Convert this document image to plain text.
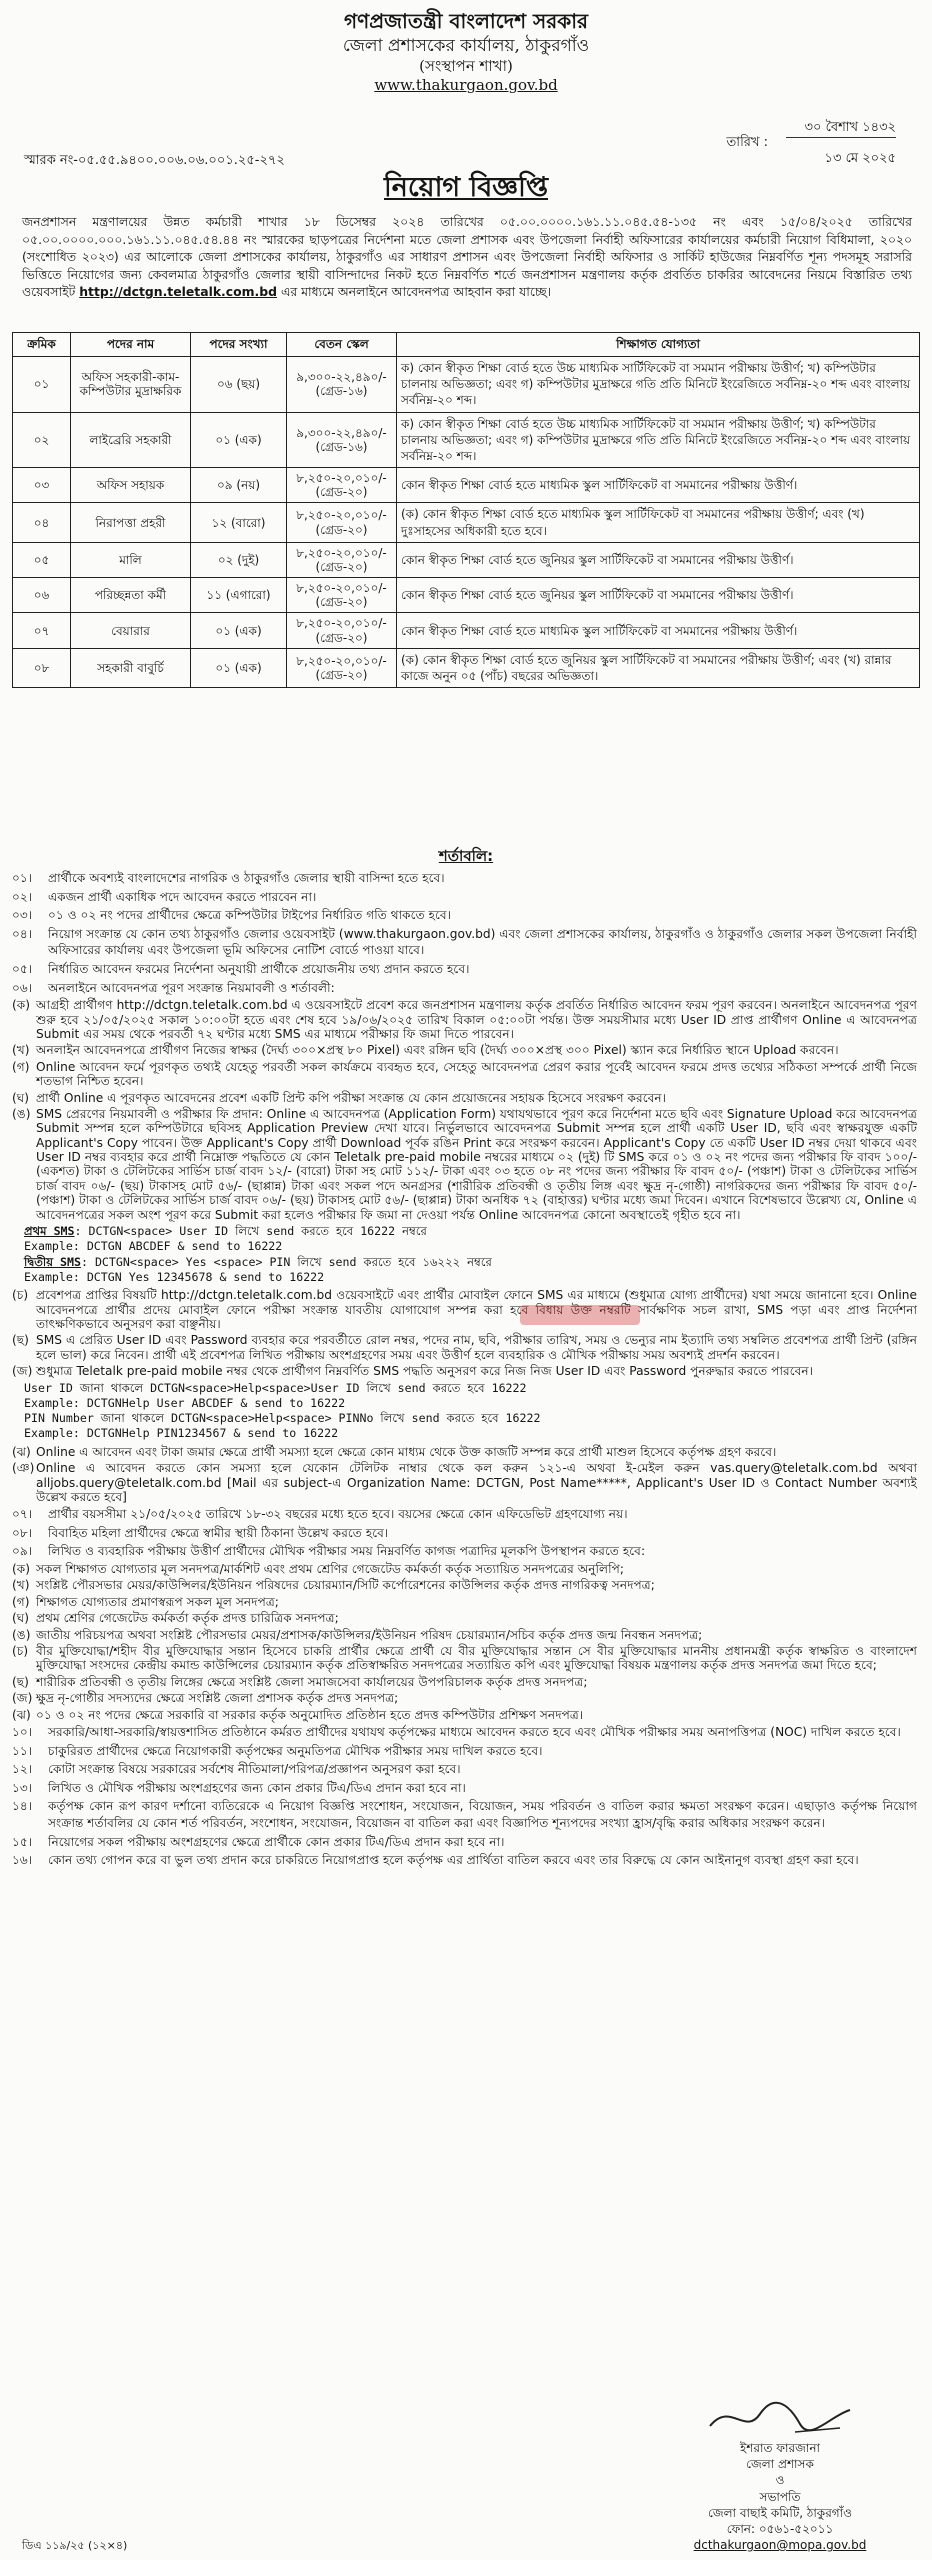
গণপ্রজাতন্ত্রী বাংলাদেশ সরকার
জেলা প্রশাসকের কার্যালয়, ঠাকুরগাঁও
(সংস্থাপন শাখা)
www.thakurgaon.gov.bd
৩০ বৈশাখ ১৪৩২
তারিখ :
১৩ মে ২০২৫
স্মারক নং-০৫.৫৫.৯৪০০.০০৬.০৬.০০১.২৫-২৭২
নিয়োগ বিজ্ঞপ্তি
জনপ্রশাসন মন্ত্রণালয়ের উন্নত কর্মচারী শাখার ১৮ ডিসেম্বর ২০২৪ তারিখের ০৫.০০.০০০০.১৬১.১১.০৪৫.৫৪-১৩৫ নং এবং ১৫/০৪/২০২৫ তারিখের ০৫.০০.০০০০.০০০.১৬১.১১.০৪৫.৫৪.৪৪ নং স্মারকের ছাড়পত্রের নির্দেশনা মতে জেলা প্রশাসক এবং উপজেলা নির্বাহী অফিসারের কার্যালয়ের কর্মচারী নিয়োগ বিধিমালা, ২০২০ (সংশোধিত ২০২৩) এর আলোকে জেলা প্রশাসকের কার্যালয়, ঠাকুরগাঁও এর সাধারণ প্রশাসন এবং উপজেলা নির্বাহী অফিসার ও সার্কিট হাউজের নিম্নবর্ণিত শূন্য পদসমূহ সরাসরি ভিত্তিতে নিয়োগের জন্য কেবলমাত্র ঠাকুরগাঁও জেলার স্থায়ী বাসিন্দাদের নিকট হতে নিম্নবর্ণিত শর্তে জনপ্রশাসন মন্ত্রণালয় কর্তৃক প্রবর্তিত চাকরির আবেদনের নিয়মে বিস্তারিত তথ্য ওয়েবসাইট http://dctgn.teletalk.com.bd এর মাধ্যমে অনলাইনে আবেদনপত্র আহবান করা যাচ্ছে।
ক্রমিক	পদের নাম	পদের সংখ্যা	বেতন স্কেল	শিক্ষাগত যোগ্যতা
০১	অফিস সহকারী-কাম-কম্পিউটার মুদ্রাক্ষরিক	০৬ (ছয়)	৯,৩০০-২২,৪৯০/- (গ্রেড-১৬)	ক) কোন স্বীকৃত শিক্ষা বোর্ড হতে উচ্চ মাধ্যমিক সার্টিফিকেট বা সমমান পরীক্ষায় উত্তীর্ণ; খ) কম্পিউটার চালনায় অভিজ্ঞতা; এবং গ) কম্পিউটার মুদ্রাক্ষরে গতি প্রতি মিনিটে ইংরেজিতে সর্বনিম্ন-২০ শব্দ এবং বাংলায় সর্বনিম্ন-২০ শব্দ।
০২	লাইব্রেরি সহকারী	০১ (এক)	৯,৩০০-২২,৪৯০/- (গ্রেড-১৬)	ক) কোন স্বীকৃত শিক্ষা বোর্ড হতে উচ্চ মাধ্যমিক সার্টিফিকেট বা সমমান পরীক্ষায় উত্তীর্ণ; খ) কম্পিউটার চালনায় অভিজ্ঞতা; এবং গ) কম্পিউটার মুদ্রাক্ষরে গতি প্রতি মিনিটে ইংরেজিতে সর্বনিম্ন-২০ শব্দ এবং বাংলায় সর্বনিম্ন-২০ শব্দ।
০৩	অফিস সহায়ক	০৯ (নয়)	৮,২৫০-২০,০১০/- (গ্রেড-২০)	কোন স্বীকৃত শিক্ষা বোর্ড হতে মাধ্যমিক স্কুল সার্টিফিকেট বা সমমানের পরীক্ষায় উত্তীর্ণ।
০৪	নিরাপত্তা প্রহরী	১২ (বারো)	৮,২৫০-২০,০১০/- (গ্রেড-২০)	(ক) কোন স্বীকৃত শিক্ষা বোর্ড হতে মাধ্যমিক স্কুল সার্টিফিকেট বা সমমানের পরীক্ষায় উত্তীর্ণ; এবং (খ) দুঃসাহসের অধিকারী হতে হবে।
০৫	মালি	০২ (দুই)	৮,২৫০-২০,০১০/- (গ্রেড-২০)	কোন স্বীকৃত শিক্ষা বোর্ড হতে জুনিয়র স্কুল সার্টিফিকেট বা সমমানের পরীক্ষায় উত্তীর্ণ।
০৬	পরিচ্ছন্নতা কর্মী	১১ (এগারো)	৮,২৫০-২০,০১০/- (গ্রেড-২০)	কোন স্বীকৃত শিক্ষা বোর্ড হতে জুনিয়র স্কুল সার্টিফিকেট বা সমমানের পরীক্ষায় উত্তীর্ণ।
০৭	বেয়ারার	০১ (এক)	৮,২৫০-২০,০১০/- (গ্রেড-২০)	কোন স্বীকৃত শিক্ষা বোর্ড হতে মাধ্যমিক স্কুল সার্টিফিকেট বা সমমানের পরীক্ষায় উত্তীর্ণ।
০৮	সহকারী বাবুর্চি	০১ (এক)	৮,২৫০-২০,০১০/- (গ্রেড-২০)	(ক) কোন স্বীকৃত শিক্ষা বোর্ড হতে জুনিয়র স্কুল সার্টিফিকেট বা সমমানের পরীক্ষায় উত্তীর্ণ; এবং (খ) রান্নার কাজে অনুন ০৫ (পাঁচ) বছরের অভিজ্ঞতা।
শর্তাবলি:
০১।	প্রার্থীকে অবশ্যই বাংলাদেশের নাগরিক ও ঠাকুরগাঁও জেলার স্থায়ী বাসিন্দা হতে হবে।
০২।	একজন প্রার্থী একাধিক পদে আবেদন করতে পারবেন না।
০৩।	০১ ও ০২ নং পদের প্রার্থীদের ক্ষেত্রে কম্পিউটার টাইপের নির্ধারিত গতি থাকতে হবে।
০৪।	নিয়োগ সংক্রান্ত যে কোন তথ্য ঠাকুরগাঁও জেলার ওয়েবসাইট (www.thakurgaon.gov.bd) এবং জেলা প্রশাসকের কার্যালয়, ঠাকুরগাঁও ও ঠাকুরগাঁও জেলার সকল উপজেলা নির্বাহী অফিসারের কার্যালয় এবং উপজেলা ভূমি অফিসের নোটিশ বোর্ডে পাওয়া যাবে।
০৫।	নির্ধারিত আবেদন ফরমের নির্দেশনা অনুযায়ী প্রার্থীকে প্রয়োজনীয় তথ্য প্রদান করতে হবে।
০৬।	অনলাইনে আবেদনপত্র পূরণ সংক্রান্ত নিয়মাবলী ও শর্তাবলী:
(ক) আগ্রহী প্রার্থীগণ http://dctgn.teletalk.com.bd এ ওয়েবসাইটে প্রবেশ করে জনপ্রশাসন মন্ত্রণালয় কর্তৃক প্রবর্তিত নির্ধারিত আবেদন ফরম পূরণ করবেন। অনলাইনে আবেদনপত্র পূরণ শুরু হবে ২১/০৫/২০২৫ সকাল ১০:০০টা হতে এবং শেষ হবে ১৯/০৬/২০২৫ তারিখ বিকাল ০৫:০০টা পর্যন্ত। উক্ত সময়সীমার মধ্যে User ID প্রাপ্ত প্রার্থীগণ Online এ আবেদনপত্র Submit এর সময় থেকে পরবর্তী ৭২ ঘণ্টার মধ্যে SMS এর মাধ্যমে পরীক্ষার ফি জমা দিতে পারবেন।
(খ) অনলাইন আবেদনপত্রে প্রার্থীগণ নিজের স্বাক্ষর (দৈর্ঘ্য ৩০০×প্রস্থ ৮০ Pixel) এবং রঙ্গিন ছবি (দৈর্ঘ্য ৩০০×প্রস্থ ৩০০ Pixel) স্ক্যান করে নির্ধারিত স্থানে Upload করবেন।
(গ) Online আবেদন ফর্মে পূরণকৃত তথ্যই যেহেতু পরবর্তী সকল কার্যক্রমে ব্যবহৃত হবে, সেহেতু আবেদনপত্র প্রেরণ করার পূর্বেই আবেদন ফরমে প্রদত্ত তথ্যের সঠিকতা সম্পর্কে প্রার্থী নিজে শতভাগ নিশ্চিত হবেন।
(ঘ) প্রার্থী Online এ পূরণকৃত আবেদনের প্রবেশ একটি প্রিন্ট কপি পরীক্ষা সংক্রান্ত যে কোন প্রয়োজনের সহায়ক হিসেবে সংরক্ষণ করবেন।
(ঙ) SMS প্রেরণের নিয়মাবলী ও পরীক্ষার ফি প্রদান: Online এ আবেদনপত্র (Application Form) যথাযথভাবে পূরণ করে নির্দেশনা মতে ছবি এবং Signature Upload করে আবেদনপত্র Submit সম্পন্ন হলে কম্পিউটারে ছবিসহ Application Preview দেখা যাবে। নির্ভুলভাবে আবেদনপত্র Submit সম্পন্ন হলে প্রার্থী একটি User ID, ছবি এবং স্বাক্ষরযুক্ত একটি Applicant's Copy পাবেন। উক্ত Applicant's Copy প্রার্থী Download পূর্বক রঙিন Print করে সংরক্ষণ করবেন। Applicant's Copy তে একটি User ID নম্বর দেয়া থাকবে এবং User ID নম্বর ব্যবহার করে প্রার্থী নিম্নোক্ত পদ্ধতিতে যে কোন Teletalk pre-paid mobile নম্বরের মাধ্যমে ০২ (দুই) টি SMS করে ০১ ও ০২ নং পদের জন্য পরীক্ষার ফি বাবদ ১০০/- (একশত) টাকা ও টেলিটকের সার্ভিস চার্জ বাবদ ১২/- (বারো) টাকা সহ মোট ১১২/- টাকা এবং ০৩ হতে ০৮ নং পদের জন্য পরীক্ষার ফি বাবদ ৫০/- (পঞ্চাশ) টাকা ও টেলিটকের সার্ভিস চার্জ বাবদ ০৬/- (ছয়) টাকাসহ মোট ৫৬/- (ছাপ্পান্ন) টাকা এবং সকল পদে অনগ্রসর (শারীরিক প্রতিবন্ধী ও তৃতীয় লিঙ্গ এবং ক্ষুদ্র নৃ-গোষ্ঠী) নাগরিকদের জন্য পরীক্ষার ফি বাবদ ৫০/- (পঞ্চাশ) টাকা ও টেলিটকের সার্ভিস চার্জ বাবদ ০৬/- (ছয়) টাকাসহ মোট ৫৬/- (ছাপ্পান্ন) টাকা অনধিক ৭২ (বাহাত্তর) ঘণ্টার মধ্যে জমা দিবেন। এখানে বিশেষভাবে উল্লেখ্য যে, Online এ আবেদনপত্রের সকল অংশ পূরণ করে Submit করা হলেও পরীক্ষার ফি জমা না দেওয়া পর্যন্ত Online আবেদনপত্র কোনো অবস্থাতেই গৃহীত হবে না।
প্রথম SMS: DCTGN<space> User ID লিখে send করতে হবে 16222 নম্বরে
Example: DCTGN ABCDEF & send to 16222
দ্বিতীয় SMS: DCTGN<space> Yes <space> PIN লিখে send করতে হবে ১৬২২২ নম্বরে
Example: DCTGN Yes 12345678 & send to 16222
(চ) প্রবেশপত্র প্রাপ্তির বিষয়টি http://dctgn.teletalk.com.bd ওয়েবসাইটে এবং প্রার্থীর মোবাইল ফোনে SMS এর মাধ্যমে (শুধুমাত্র যোগ্য প্রার্থীদের) যথা সময়ে জানানো হবে। Online আবেদনপত্রে প্রার্থীর প্রদেয় মোবাইল ফোনে পরীক্ষা সংক্রান্ত যাবতীয় যোগাযোগ সম্পন্ন করা হবে বিধায় উক্ত নম্বরটি সার্বক্ষণিক সচল রাখা, SMS পড়া এবং প্রাপ্ত নির্দেশনা তাৎক্ষণিকভাবে অনুসরণ করা বাঞ্ছনীয়।
(ছ) SMS এ প্রেরিত User ID এবং Password ব্যবহার করে পরবর্তীতে রোল নম্বর, পদের নাম, ছবি, পরীক্ষার তারিখ, সময় ও ভেন্যুর নাম ইত্যাদি তথ্য সম্বলিত প্রবেশপত্র প্রার্থী প্রিন্ট (রঙ্গিন হলে ভাল) করে নিবেন। প্রার্থী এই প্রবেশপত্র লিখিত পরীক্ষায় অংশগ্রহণের সময় এবং উত্তীর্ণ হলে ব্যবহারিক ও মৌখিক পরীক্ষায় সময় অবশ্যই প্রদর্শন করবেন।
(জ) শুধুমাত্র Teletalk pre-paid mobile নম্বর থেকে প্রার্থীগণ নিম্নবর্ণিত SMS পদ্ধতি অনুসরণ করে নিজ নিজ User ID এবং Password পুনরুদ্ধার করতে পারবেন।
User ID জানা থাকলে DCTGN<space>Help<space>User ID লিখে send করতে হবে 16222
Example: DCTGNHelp User ABCDEF & send to 16222
PIN Number জানা থাকলে DCTGN<space>Help<space> PINNo লিখে send করতে হবে 16222
Example: DCTGNHelp PIN1234567 & send to 16222
(ঝ) Online এ আবেদন এবং টাকা জমার ক্ষেত্রে প্রার্থী সমস্যা হলে ক্ষেত্রে কোন মাধ্যম থেকে উক্ত কাজটি সম্পন্ন করে প্রার্থী মাশুল হিসেবে কর্তৃপক্ষ গ্রহণ করবে।
(ঞ) Online এ আবেদন করতে কোন সমস্যা হলে যেকোন টেলিটক নাম্বার থেকে কল করুন ১২১-এ অথবা ই-মেইল করুন vas.query@teletalk.com.bd অথবা alljobs.query@teletalk.com.bd [Mail এর subject-এ Organization Name: DCTGN, Post Name*****, Applicant's User ID ও Contact Number অবশ্যই উল্লেখ করতে হবে]
০৭।	প্রার্থীর বয়সসীমা ২১/০৫/২০২৫ তারিখে ১৮-৩২ বছরের মধ্যে হতে হবে। বয়সের ক্ষেত্রে কোন এফিডেভিট গ্রহণযোগ্য নয়।
০৮।	বিবাহিত মহিলা প্রার্থীদের ক্ষেত্রে স্বামীর স্থায়ী ঠিকানা উল্লেখ করতে হবে।
০৯।	লিখিত ও ব্যবহারিক পরীক্ষায় উত্তীর্ণ প্রার্থীদের মৌখিক পরীক্ষার সময় নিম্নবর্ণিত কাগজ পত্রাদির মূলকপি উপস্থাপন করতে হবে:
(ক) সকল শিক্ষাগত যোগ্যতার মূল সনদপত্র/মার্কশিট এবং প্রথম শ্রেণির গেজেটেড কর্মকর্তা কর্তৃক সত্যায়িত সনদপত্রের অনুলিপি;
(খ) সংশ্লিষ্ট পৌরসভার মেয়র/কাউন্সিলর/ইউনিয়ন পরিষদের চেয়ারম্যান/সিটি কর্পোরেশনের কাউন্সিলর কর্তৃক প্রদত্ত নাগরিকত্ব সনদপত্র;
(গ) শিক্ষাগত যোগ্যতার প্রমাণস্বরূপ সকল মূল সনদপত্র;
(ঘ) প্রথম শ্রেণির গেজেটেড কর্মকর্তা কর্তৃক প্রদত্ত চারিত্রিক সনদপত্র;
(ঙ) জাতীয় পরিচয়পত্র অথবা সংশ্লিষ্ট পৌরসভার মেয়র/প্রশাসক/কাউন্সিলর/ইউনিয়ন পরিষদ চেয়ারম্যান/সচিব কর্তৃক প্রদত্ত জন্ম নিবন্ধন সনদপত্র;
(চ) বীর মুক্তিযোদ্ধা/শহীদ বীর মুক্তিযোদ্ধার সন্তান হিসেবে চাকরি প্রার্থীর ক্ষেত্রে প্রার্থী যে বীর মুক্তিযোদ্ধার সন্তান সে বীর মুক্তিযোদ্ধার মাননীয় প্রধানমন্ত্রী কর্তৃক স্বাক্ষরিত ও বাংলাদেশ মুক্তিযোদ্ধা সংসদের কেন্দ্রীয় কমান্ড কাউন্সিলের চেয়ারম্যান কর্তৃক প্রতিস্বাক্ষরিত সনদপত্রের সত্যায়িত কপি এবং মুক্তিযোদ্ধা বিষয়ক মন্ত্রণালয় কর্তৃক প্রদত্ত সনদপত্র জমা দিতে হবে;
(ছ) শারীরিক প্রতিবন্ধী ও তৃতীয় লিঙ্গের ক্ষেত্রে সংশ্লিষ্ট জেলা সমাজসেবা কার্যালয়ের উপপরিচালক কর্তৃক প্রদত্ত সনদপত্র;
(জ) ক্ষুদ্র নৃ-গোষ্ঠীর সদস্যদের ক্ষেত্রে সংশ্লিষ্ট জেলা প্রশাসক কর্তৃক প্রদত্ত সনদপত্র;
(ঝ) ০১ ও ০২ নং পদের ক্ষেত্রে সরকারি বা সরকার কর্তৃক অনুমোদিত প্রতিষ্ঠান হতে প্রদত্ত কম্পিউটার প্রশিক্ষণ সনদপত্র।
১০।	সরকারি/আধা-সরকারি/স্বায়ত্তশাসিত প্রতিষ্ঠানে কর্মরত প্রার্থীদের যথাযথ কর্তৃপক্ষের মাধ্যমে আবেদন করতে হবে এবং মৌখিক পরীক্ষার সময় অনাপত্তিপত্র (NOC) দাখিল করতে হবে।
১১।	চাকুরিরত প্রার্থীদের ক্ষেত্রে নিয়োগকারী কর্তৃপক্ষের অনুমতিপত্র মৌখিক পরীক্ষার সময় দাখিল করতে হবে।
১২।	কোটা সংক্রান্ত বিষয়ে সরকারের সর্বশেষ নীতিমালা/পরিপত্র/প্রজ্ঞাপন অনুসরণ করা হবে।
১৩।	লিখিত ও মৌখিক পরীক্ষায় অংশগ্রহণের জন্য কোন প্রকার টিএ/ডিএ প্রদান করা হবে না।
১৪।	কর্তৃপক্ষ কোন রূপ কারণ দর্শানো ব্যতিরেকে এ নিয়োগ বিজ্ঞপ্তি সংশোধন, সংযোজন, বিয়োজন, সময় পরিবর্তন ও বাতিল করার ক্ষমতা সংরক্ষণ করেন। এছাড়াও কর্তৃপক্ষ নিয়োগ সংক্রান্ত শর্তাবলির যে কোন শর্ত পরিবর্তন, সংশোধন, সংযোজন, বিয়োজন বা বাতিল করা এবং বিজ্ঞাপিত শূন্যপদের সংখ্যা হ্রাস/বৃদ্ধি করার অধিকার সংরক্ষণ করেন।
১৫।	নিয়োগের সকল পরীক্ষায় অংশগ্রহণের ক্ষেত্রে প্রার্থীকে কোন প্রকার টিএ/ডিএ প্রদান করা হবে না।
১৬।	কোন তথ্য গোপন করে বা ভুল তথ্য প্রদান করে চাকরিতে নিয়োগপ্রাপ্ত হলে কর্তৃপক্ষ এর প্রার্থিতা বাতিল করবে এবং তার বিরুদ্ধে যে কোন আইনানুগ ব্যবস্থা গ্রহণ করা হবে।
ইশরাত ফারজানা
জেলা প্রশাসক
ও
সভাপতি
জেলা বাছাই কমিটি, ঠাকুরগাঁও
ফোন: ০৫৬১-৫২০১১
dcthakurgaon@mopa.gov.bd
ডিএ ১১৯/২৫ (১২×৪)
